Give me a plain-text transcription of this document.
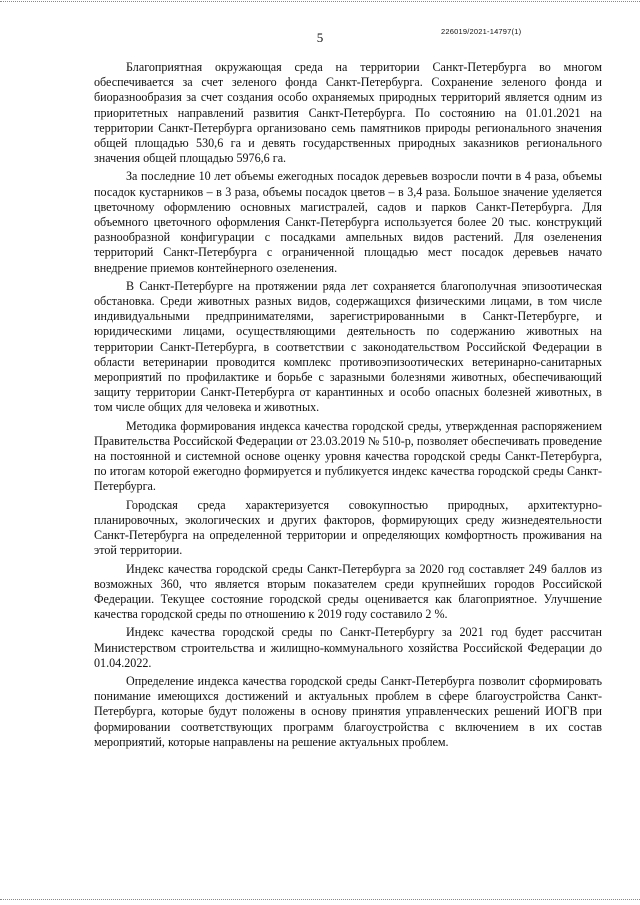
5	226019/2021-14797(1)

Благоприятная окружающая среда на территории Санкт-Петербурга во многом обеспечивается за счет зеленого фонда Санкт-Петербурга. Сохранение зеленого фонда и биоразнообразия за счет создания особо охраняемых природных территорий является одним из приоритетных направлений развития Санкт-Петербурга. По состоянию на 01.01.2021 на территории Санкт-Петербурга организовано семь памятников природы регионального значения общей площадью 530,6 га и девять государственных природных заказников регионального значения общей площадью 5976,6 га.

За последние 10 лет объемы ежегодных посадок деревьев возросли почти в 4 раза, объемы посадок кустарников – в 3 раза, объемы посадок цветов – в 3,4 раза. Большое значение уделяется цветочному оформлению основных магистралей, садов и парков Санкт-Петербурга. Для объемного цветочного оформления Санкт-Петербурга используется более 20 тыс. конструкций разнообразной конфигурации с посадками ампельных видов растений. Для озеленения территорий Санкт-Петербурга с ограниченной площадью мест посадок деревьев начато внедрение приемов контейнерного озеленения.

В Санкт-Петербурге на протяжении ряда лет сохраняется благополучная эпизоотическая обстановка. Среди животных разных видов, содержащихся физическими лицами, в том числе индивидуальными предпринимателями, зарегистрированными в Санкт-Петербурге, и юридическими лицами, осуществляющими деятельность по содержанию животных на территории Санкт-Петербурга, в соответствии с законодательством Российской Федерации в области ветеринарии проводится комплекс противоэпизоотических ветеринарно-санитарных мероприятий по профилактике и борьбе с заразными болезнями животных, обеспечивающий защиту территории Санкт-Петербурга от карантинных и особо опасных болезней животных, в том числе общих для человека и животных.

Методика формирования индекса качества городской среды, утвержденная распоряжением Правительства Российской Федерации от 23.03.2019 № 510-р, позволяет обеспечивать проведение на постоянной и системной основе оценку уровня качества городской среды Санкт-Петербурга, по итогам которой ежегодно формируется и публикуется индекс качества городской среды Санкт-Петербурга.

Городская среда характеризуется совокупностью природных, архитектурно-планировочных, экологических и других факторов, формирующих среду жизнедеятельности Санкт-Петербурга на определенной территории и определяющих комфортность проживания на этой территории.

Индекс качества городской среды Санкт-Петербурга за 2020 год составляет 249 баллов из возможных 360, что является вторым показателем среди крупнейших городов Российской Федерации. Текущее состояние городской среды оценивается как благоприятное. Улучшение качества городской среды по отношению к 2019 году составило 2 %.

Индекс качества городской среды по Санкт-Петербургу за 2021 год будет рассчитан Министерством строительства и жилищно-коммунального хозяйства Российской Федерации до 01.04.2022.

Определение индекса качества городской среды Санкт-Петербурга позволит сформировать понимание имеющихся достижений и актуальных проблем в сфере благоустройства Санкт-Петербурга, которые будут положены в основу принятия управленческих решений ИОГВ при формировании соответствующих программ благоустройства с включением в их состав мероприятий, которые направлены на решение актуальных проблем.
